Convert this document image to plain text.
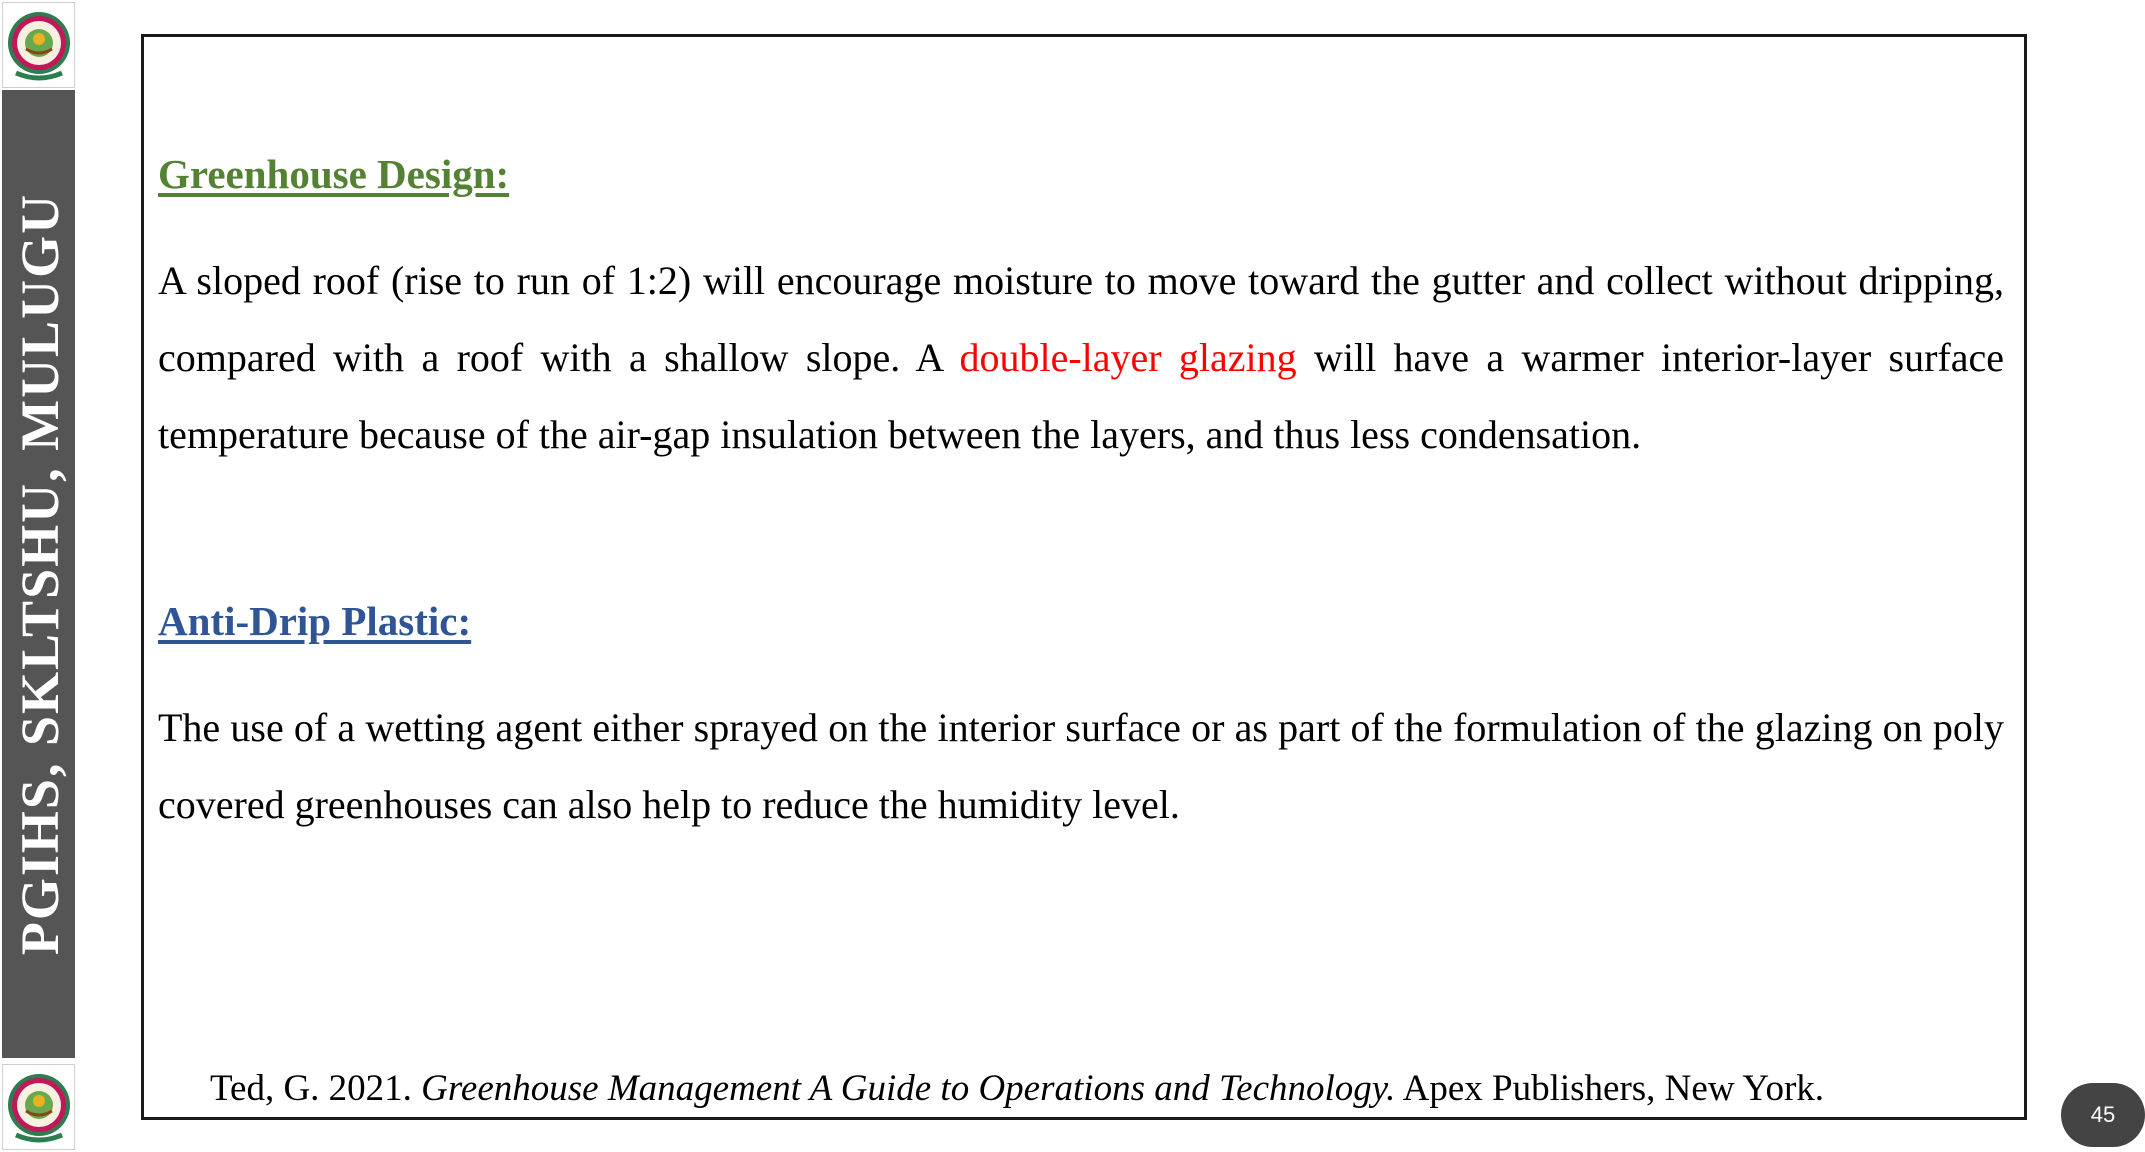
PGIHS, SKLTSHU, MULUGU
Greenhouse Design:

A sloped roof (rise to run of 1:2) will encourage moisture to move toward the gutter and collect without dripping, compared with a roof with a shallow slope. A double-layer glazing will have a warmer interior-layer surface temperature because of the air-gap insulation between the layers, and thus less condensation.

Anti-Drip Plastic:

The use of a wetting agent either sprayed on the interior surface or as part of the formulation of the glazing on poly covered greenhouses can also help to reduce the humidity level.

Ted, G. 2021. Greenhouse Management A Guide to Operations and Technology. Apex Publishers, New York.
45
